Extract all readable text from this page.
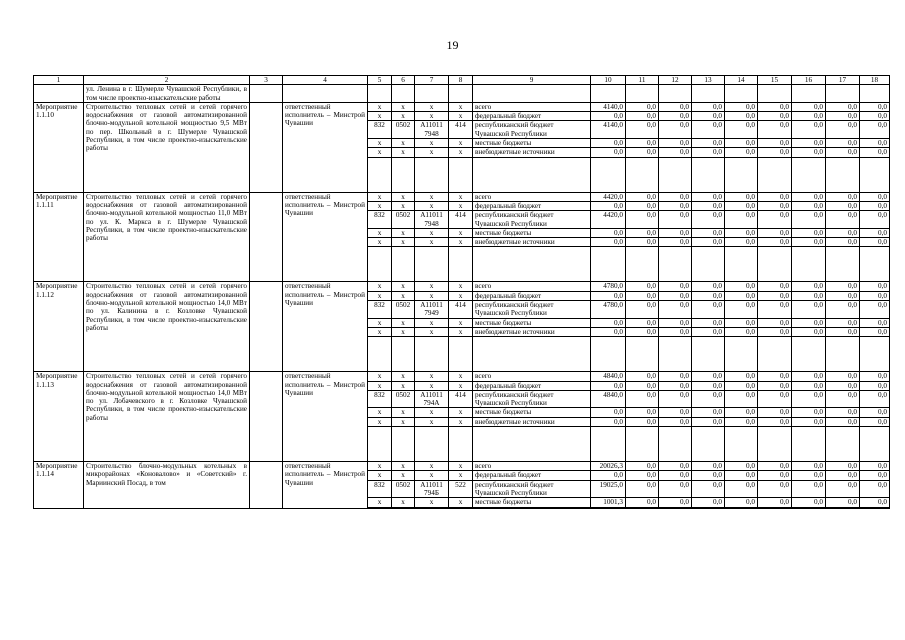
19
1	2	3	4	5	6	7	8	9	10	11	12	13	14	15	16	17	18
	ул. Ленина в г. Шумерле Чувашской Республики, в том числе проектно-изыскательские работы																
Мероприятие 1.1.10	Строительство тепловых сетей и сетей горячего водоснабжения от газовой автоматизированной блочно-модульной котельной мощностью 9,5 МВт по пер. Школьный в г. Шумерле Чувашской Республики, в том числе проектно-изыскательские работы		ответственный исполнитель – Минстрой Чувашии	x	x	x	x	всего	4140,0	0,0	0,0	0,0	0,0	0,0	0,0	0,0	0,0
				x	x	x	x	федеральный бюджет	0,0	0,0	0,0	0,0	0,0	0,0	0,0	0,0	0,0
				832	0502	A11011 7948	414	республиканский бюджет Чувашской Республики	4140,0	0,0	0,0	0,0	0,0	0,0	0,0	0,0	0,0
				x	x	x	x	местные бюджеты	0,0	0,0	0,0	0,0	0,0	0,0	0,0	0,0	0,0
				x	x	x	x	внебюджетные источники	0,0	0,0	0,0	0,0	0,0	0,0	0,0	0,0	0,0

Мероприятие 1.1.11	Строительство тепловых сетей и сетей горячего водоснабжения от газовой автоматизированной блочно-модульной котельной мощностью 11,0 МВт по ул. К. Маркса в г. Шумерле Чувашской Республики, в том числе проектно-изыскательские работы		ответственный исполнитель – Минстрой Чувашии	x	x	x	x	всего	4420,0	0,0	0,0	0,0	0,0	0,0	0,0	0,0	0,0
				x	x	x	x	федеральный бюджет	0,0	0,0	0,0	0,0	0,0	0,0	0,0	0,0	0,0
				832	0502	A11011 7948	414	республиканский бюджет Чувашской Республики	4420,0	0,0	0,0	0,0	0,0	0,0	0,0	0,0	0,0
				x	x	x	x	местные бюджеты	0,0	0,0	0,0	0,0	0,0	0,0	0,0	0,0	0,0
				x	x	x	x	внебюджетные источники	0,0	0,0	0,0	0,0	0,0	0,0	0,0	0,0	0,0

Мероприятие 1.1.12	Строительство тепловых сетей и сетей горячего водоснабжения от газовой автоматизированной блочно-модульной котельной мощностью 14,0 МВт по ул. Калинина в г. Козловке Чувашской Республики, в том числе проектно-изыскательские работы		ответственный исполнитель – Минстрой Чувашии	x	x	x	x	всего	4780,0	0,0	0,0	0,0	0,0	0,0	0,0	0,0	0,0
				x	x	x	x	федеральный бюджет	0,0	0,0	0,0	0,0	0,0	0,0	0,0	0,0	0,0
				832	0502	A11011 7949	414	республиканский бюджет Чувашской Республики	4780,0	0,0	0,0	0,0	0,0	0,0	0,0	0,0	0,0
				x	x	x	x	местные бюджеты	0,0	0,0	0,0	0,0	0,0	0,0	0,0	0,0	0,0
				x	x	x	x	внебюджетные источники	0,0	0,0	0,0	0,0	0,0	0,0	0,0	0,0	0,0

Мероприятие 1.1.13	Строительство тепловых сетей и сетей горячего водоснабжения от газовой автоматизированной блочно-модульной котельной мощностью 14,0 МВт по ул. Лобачевского в г. Козловке Чувашской Республики, в том числе проектно-изыскательские работы		ответственный исполнитель – Минстрой Чувашии	x	x	x	x	всего	4840,0	0,0	0,0	0,0	0,0	0,0	0,0	0,0	0,0
				x	x	x	x	федеральный бюджет	0,0	0,0	0,0	0,0	0,0	0,0	0,0	0,0	0,0
				832	0502	A11011 794A	414	республиканский бюджет Чувашской Республики	4840,0	0,0	0,0	0,0	0,0	0,0	0,0	0,0	0,0
				x	x	x	x	местные бюджеты	0,0	0,0	0,0	0,0	0,0	0,0	0,0	0,0	0,0
				x	x	x	x	внебюджетные источники	0,0	0,0	0,0	0,0	0,0	0,0	0,0	0,0	0,0

Мероприятие 1.1.14	Строительство блочно-модульных котельных в микрорайонах «Коновалово» и «Советский» г. Мариинский Посад, в том		ответственный исполнитель – Минстрой Чувашии	x	x	x	x	всего	20026,3	0,0	0,0	0,0	0,0	0,0	0,0	0,0	0,0
				x	x	x	x	федеральный бюджет	0,0	0,0	0,0	0,0	0,0	0,0	0,0	0,0	0,0
				832	0502	A11011 794Б	522	республиканский бюджет Чувашской Республики	19025,0	0,0	0,0	0,0	0,0	0,0	0,0	0,0	0,0
				x	x	x	x	местные бюджеты	1001,3	0,0	0,0	0,0	0,0	0,0	0,0	0,0	0,0
